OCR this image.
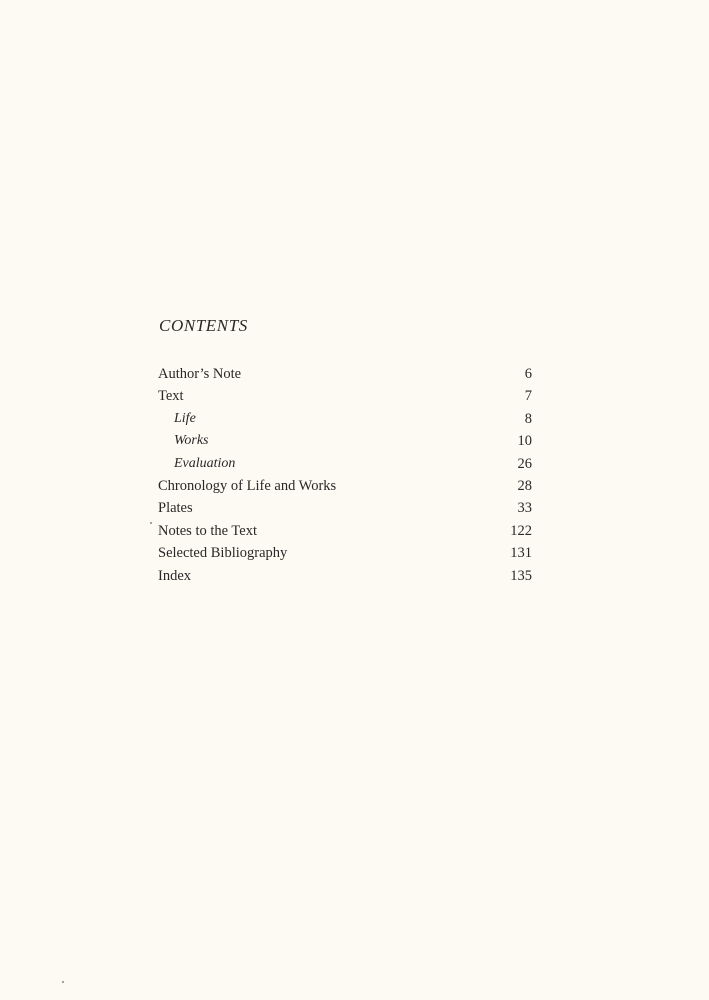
CONTENTS
Author’s Note	6
Text	7
Life	8
Works	10
Evaluation	26
Chronology of Life and Works	28
Plates	33
Notes to the Text	122
Selected Bibliography	131
Index	135
